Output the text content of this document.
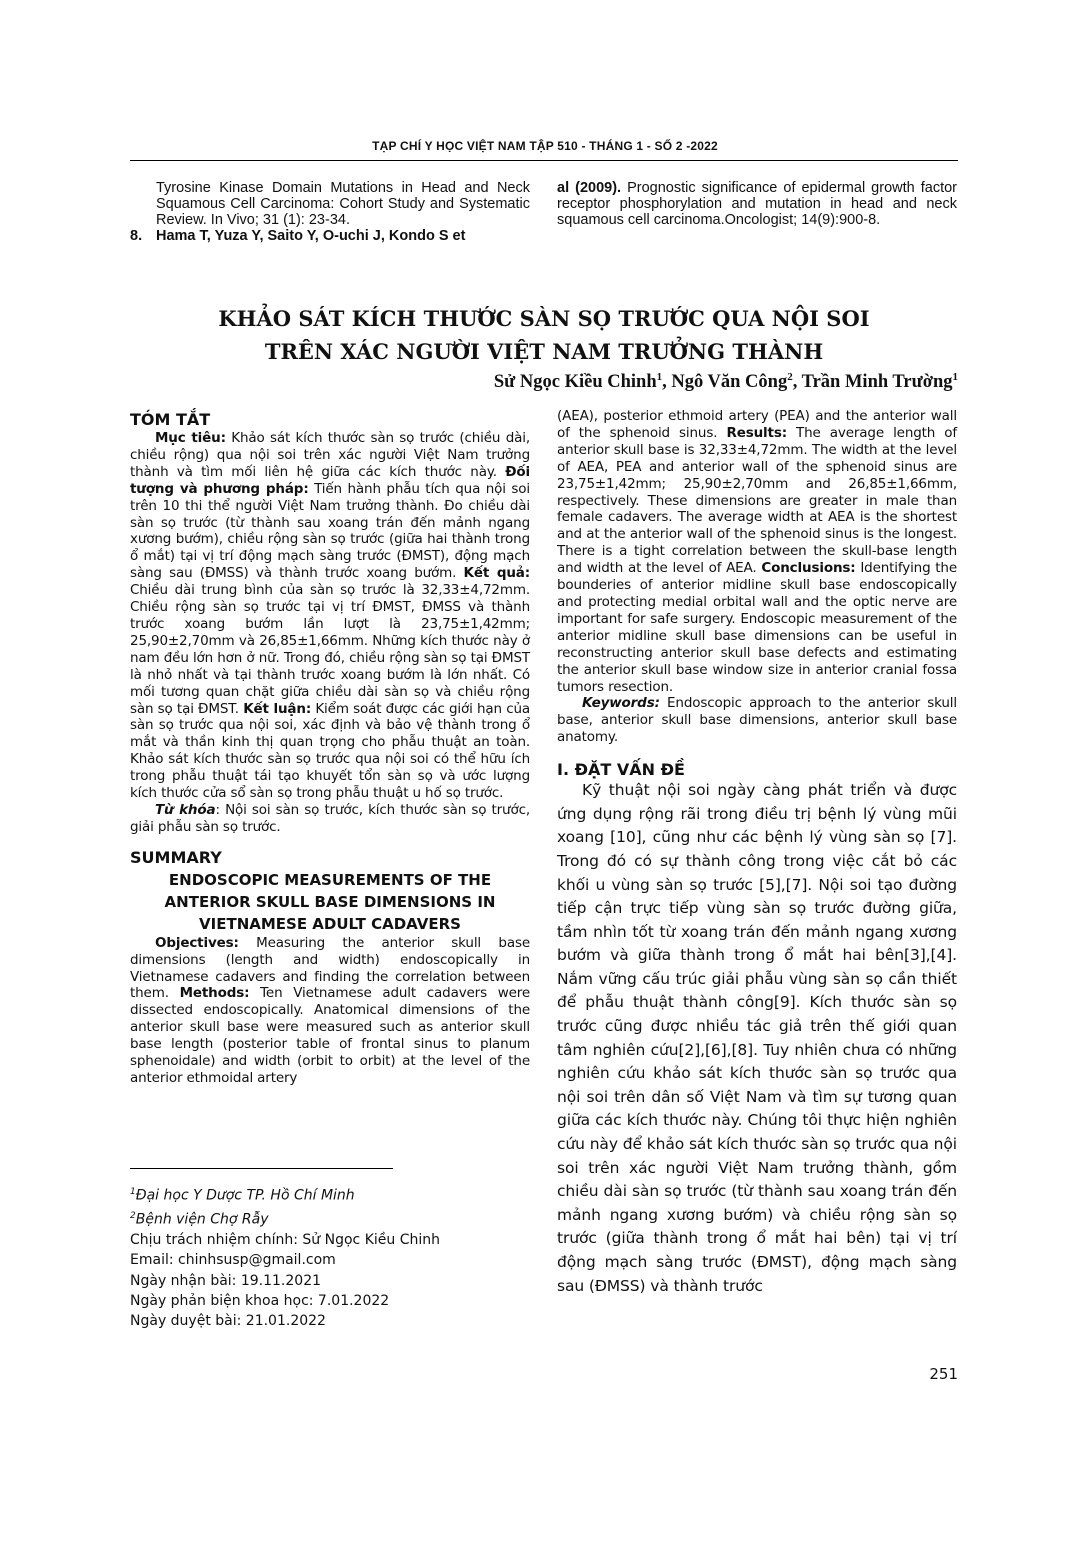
TẠP CHÍ Y HỌC VIỆT NAM TẬP 510 - THÁNG 1 - SỐ 2 -2022

Tyrosine Kinase Domain Mutations in Head and Neck Squamous Cell Carcinoma: Cohort Study and Systematic Review. In Vivo; 31 (1): 23-34.

8. Hama T, Yuza Y, Saito Y, O-uchi J, Kondo S et

al (2009). Prognostic significance of epidermal growth factor receptor phosphorylation and mutation in head and neck squamous cell carcinoma.Oncologist; 14(9):900-8.

KHẢO SÁT KÍCH THƯỚC SÀN SỌ TRƯỚC QUA NỘI SOI
TRÊN XÁC NGƯỜI VIỆT NAM TRƯỞNG THÀNH
Sử Ngọc Kiều Chinh$^1$, Ngô Văn Công$^2$, Trần Minh Trường$^1$
TÓM TẮT

Mục tiêu: Khảo sát kích thước sàn sọ trước (chiều dài, chiều rộng) qua nội soi trên xác người Việt Nam trưởng thành và tìm mối liên hệ giữa các kích thước này. Đối tượng và phương pháp: Tiến hành phẫu tích qua nội soi trên 10 thi thể người Việt Nam trưởng thành. Đo chiều dài sàn sọ trước (từ thành sau xoang trán đến mảnh ngang xương bướm), chiều rộng sàn sọ trước (giữa hai thành trong ổ mắt) tại vị trí động mạch sàng trước (ĐMST), động mạch sàng sau (ĐMSS) và thành trước xoang bướm. Kết quả: Chiều dài trung bình của sàn sọ trước là 32,33±4,72mm. Chiều rộng sàn sọ trước tại vị trí ĐMST, ĐMSS và thành trước xoang bướm lần lượt là 23,75±1,42mm; 25,90±2,70mm và 26,85±1,66mm. Những kích thước này ở nam đều lớn hơn ở nữ. Trong đó, chiều rộng sàn sọ tại ĐMST là nhỏ nhất và tại thành trước xoang bướm là lớn nhất. Có mối tương quan chặt giữa chiều dài sàn sọ và chiều rộng sàn sọ tại ĐMST. Kết luận: Kiểm soát được các giới hạn của sàn sọ trước qua nội soi, xác định và bảo vệ thành trong ổ mắt và thần kinh thị quan trọng cho phẫu thuật an toàn. Khảo sát kích thước sàn sọ trước qua nội soi có thể hữu ích trong phẫu thuật tái tạo khuyết tổn sàn sọ và ước lượng kích thước cửa sổ sàn sọ trong phẫu thuật u hố sọ trước.

Từ khóa: Nội soi sàn sọ trước, kích thước sàn sọ trước, giải phẫu sàn sọ trước.

SUMMARY

ENDOSCOPIC MEASUREMENTS OF THE ANTERIOR SKULL BASE DIMENSIONS IN VIETNAMESE ADULT CADAVERS

Objectives: Measuring the anterior skull base dimensions (length and width) endoscopically in Vietnamese cadavers and finding the correlation between them. Methods: Ten Vietnamese adult cadavers were dissected endoscopically. Anatomical dimensions of the anterior skull base were measured such as anterior skull base length (posterior table of frontal sinus to planum sphenoidale) and width (orbit to orbit) at the level of the anterior ethmoidal artery

$^1$Đại học Y Dược TP. Hồ Chí Minh

$^2$Bệnh viện Chợ Rẫy

Chịu trách nhiệm chính: Sử Ngọc Kiều Chinh

Email: chinhsusp@gmail.com

Ngày nhận bài: 19.11.2021

Ngày phản biện khoa học: 7.01.2022

Ngày duyệt bài: 21.01.2022

(AEA), posterior ethmoid artery (PEA) and the anterior wall of the sphenoid sinus. Results: The average length of anterior skull base is 32,33±4,72mm. The width at the level of AEA, PEA and anterior wall of the sphenoid sinus are 23,75±1,42mm; 25,90±2,70mm and 26,85±1,66mm, respectively. These dimensions are greater in male than female cadavers. The average width at AEA is the shortest and at the anterior wall of the sphenoid sinus is the longest. There is a tight correlation between the skull-base length and width at the level of AEA. Conclusions: Identifying the bounderies of anterior midline skull base endoscopically and protecting medial orbital wall and the optic nerve are important for safe surgery. Endoscopic measurement of the anterior midline skull base dimensions can be useful in reconstructing anterior skull base defects and estimating the anterior skull base window size in anterior cranial fossa tumors resection.

Keywords: Endoscopic approach to the anterior skull base, anterior skull base dimensions, anterior skull base anatomy.

I. ĐẶT VẤN ĐỀ

Kỹ thuật nội soi ngày càng phát triển và được ứng dụng rộng rãi trong điều trị bệnh lý vùng mũi xoang [10], cũng như các bệnh lý vùng sàn sọ [7]. Trong đó có sự thành công trong việc cắt bỏ các khối u vùng sàn sọ trước [5],[7]. Nội soi tạo đường tiếp cận trực tiếp vùng sàn sọ trước đường giữa, tầm nhìn tốt từ xoang trán đến mảnh ngang xương bướm và giữa thành trong ổ mắt hai bên[3],[4]. Nắm vững cấu trúc giải phẫu vùng sàn sọ cần thiết để phẫu thuật thành công[9]. Kích thước sàn sọ trước cũng được nhiều tác giả trên thế giới quan tâm nghiên cứu[2],[6],[8]. Tuy nhiên chưa có những nghiên cứu khảo sát kích thước sàn sọ trước qua nội soi trên dân số Việt Nam và tìm sự tương quan giữa các kích thước này. Chúng tôi thực hiện nghiên cứu này để khảo sát kích thước sàn sọ trước qua nội soi trên xác người Việt Nam trưởng thành, gồm chiều dài sàn sọ trước (từ thành sau xoang trán đến mảnh ngang xương bướm) và chiều rộng sàn sọ trước (giữa thành trong ổ mắt hai bên) tại vị trí động mạch sàng trước (ĐMST), động mạch sàng sau (ĐMSS) và thành trước

251
